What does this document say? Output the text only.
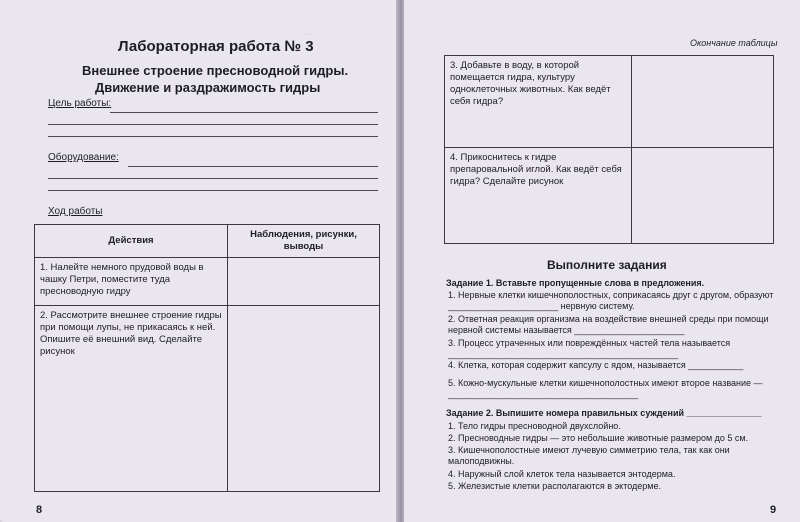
.......
Лабораторная работа № 3
Внешнее строение пресноводной гидры.
Движение и раздражимость гидры
Цель работы:
Оборудование:
Ход работы
Действия	Наблюдения, рисунки, выводы
1. Налейте немного прудовой воды в чашку Петри, поместите туда пресноводную гидру	
2. Рассмотрите внешнее строение гидры при помощи лупы, не прикасаясь к ней. Опишите её внешний вид. Сделайте рисунок	
8
Окончание таблицы
3. Добавьте в воду, в которой помещается гидра, культуру одноклеточных животных. Как ведёт себя гидра?	
4. Прикоснитесь к гидре препаровальной иглой. Как ведёт себя гидра? Сделайте рисунок	
Выполните задания
Задание 1. Вставьте пропущенные слова в предложения.
1. Нервные клетки кишечнополостных, соприкасаясь друг с другом, образуют ______________________ нервную систему.
2. Ответная реакция организма на воздействие внешней среды при помощи нервной системы называется ______________________
3. Процесс утраченных или повреждённых частей тела называется ______________________________________________
4. Клетка, которая содержит капсулу с ядом, называется ___________
5. Кожно-мускульные клетки кишечнополостных имеют второе название — ______________________________________
Задание 2. Выпишите номера правильных суждений _______________
1. Тело гидры пресноводной двухслойно.
2. Пресноводные гидры — это небольшие животные размером до 5 см.
3. Кишечнополостные имеют лучевую симметрию тела, так как они малоподвижны.
4. Наружный слой клеток тела называется энтодерма.
5. Железистые клетки располагаются в эктодерме.
9
